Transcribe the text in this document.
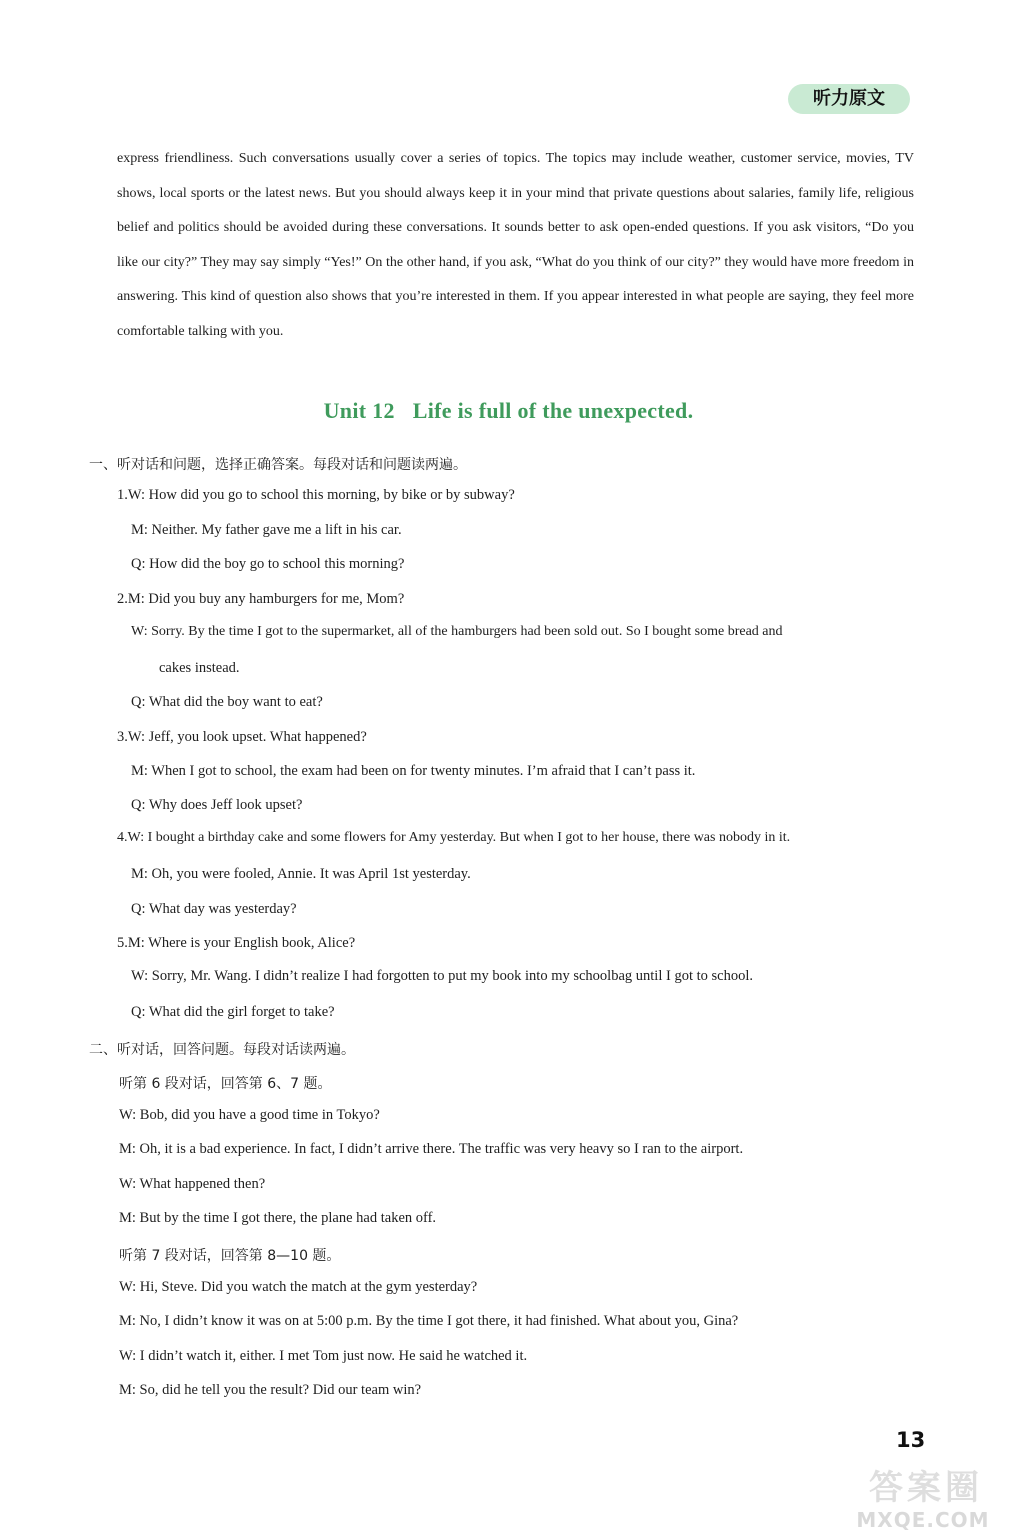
听力原文

express friendliness. Such conversations usually cover a series of topics. The topics may include weather, customer service, movies, TV shows, local sports or the latest news. But you should always keep it in your mind that private questions about salaries, family life, religious belief and politics should be avoided during these conversations. It sounds better to ask open-ended questions. If you ask visitors, “Do you like our city?” They may say simply “Yes!” On the other hand, if you ask, “What do you think of our city?” they would have more freedom in answering. This kind of question also shows that you’re interested in them. If you appear interested in what people are saying, they feel more comfortable talking with you.

Unit 12 Life is full of the unexpected.
一、听对话和问题，选择正确答案。每段对话和问题读两遍。
1.W: How did you go to school this morning, by bike or by subway?
M: Neither. My father gave me a lift in his car.
Q: How did the boy go to school this morning?
2.M: Did you buy any hamburgers for me, Mom?
W: Sorry. By the time I got to the supermarket, all of the hamburgers had been sold out. So I bought some bread and
cakes instead.
Q: What did the boy want to eat?
3.W: Jeff, you look upset. What happened?
M: When I got to school, the exam had been on for twenty minutes. I’m afraid that I can’t pass it.
Q: Why does Jeff look upset?
4.W: I bought a birthday cake and some flowers for Amy yesterday. But when I got to her house, there was nobody in it.
M: Oh, you were fooled, Annie. It was April 1st yesterday.
Q: What day was yesterday?
5.M: Where is your English book, Alice?
W: Sorry, Mr. Wang. I didn’t realize I had forgotten to put my book into my schoolbag until I got to school.
Q: What did the girl forget to take?
二、听对话，回答问题。每段对话读两遍。
听第 6 段对话，回答第 6、7 题。
W: Bob, did you have a good time in Tokyo?
M: Oh, it is a bad experience. In fact, I didn’t arrive there. The traffic was very heavy so I ran to the airport.
W: What happened then?
M: But by the time I got there, the plane had taken off.
听第 7 段对话，回答第 8—10 题。
W: Hi, Steve. Did you watch the match at the gym yesterday?
M: No, I didn’t know it was on at 5:00 p.m. By the time I got there, it had finished. What about you, Gina?
W: I didn’t watch it, either. I met Tom just now. He said he watched it.
M: So, did he tell you the result? Did our team win?
13
答案圈
MXQE.COM
